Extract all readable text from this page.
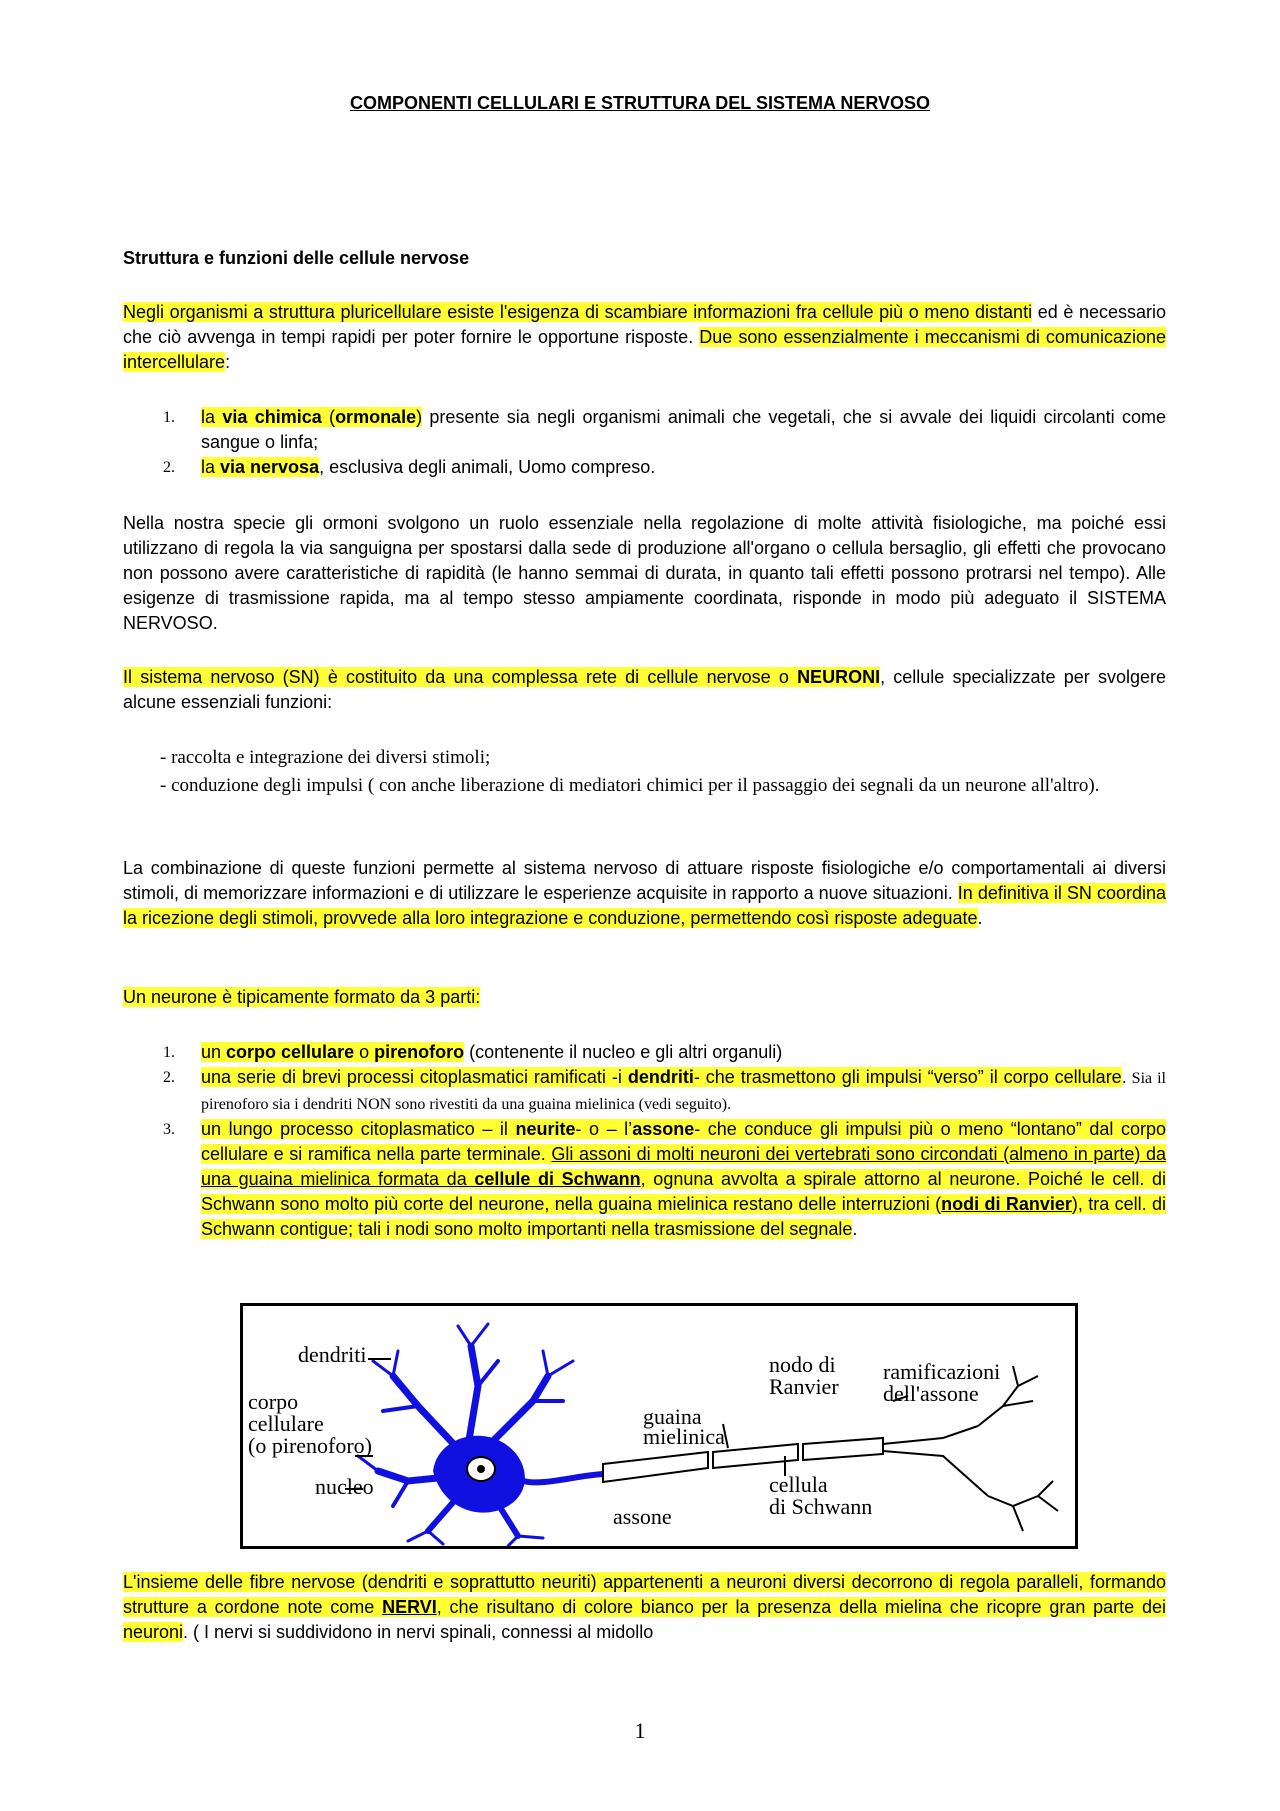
COMPONENTI CELLULARI E STRUTTURA DEL SISTEMA NERVOSO
Struttura e funzioni delle cellule nervose

Negli organismi a struttura pluricellulare esiste l'esigenza di scambiare informazioni fra cellule più o meno distanti ed è necessario che ciò avvenga in tempi rapidi per poter fornire le opportune risposte. Due sono essenzialmente i meccanismi di comunicazione intercellulare:

1. la via chimica (ormonale) presente sia negli organismi animali che vegetali, che si avvale dei liquidi circolanti come sangue o linfa;
2. la via nervosa, esclusiva degli animali, Uomo compreso.

Nella nostra specie gli ormoni svolgono un ruolo essenziale nella regolazione di molte attività fisiologiche, ma poiché essi utilizzano di regola la via sanguigna per spostarsi dalla sede di produzione all'organo o cellula bersaglio, gli effetti che provocano non possono avere caratteristiche di rapidità (le hanno semmai di durata, in quanto tali effetti possono protrarsi nel tempo). Alle esigenze di trasmissione rapida, ma al tempo stesso ampiamente coordinata, risponde in modo più adeguato il SISTEMA NERVOSO.

Il sistema nervoso (SN) è costituito da una complessa rete di cellule nervose o NEURONI, cellule specializzate per svolgere alcune essenziali funzioni:

- raccolta e integrazione dei diversi stimoli;
- conduzione degli impulsi ( con anche liberazione di mediatori chimici per il passaggio dei segnali da un neurone all'altro).

La combinazione di queste funzioni permette al sistema nervoso di attuare risposte fisiologiche e/o comportamentali ai diversi stimoli, di memorizzare informazioni e di utilizzare le esperienze acquisite in rapporto a nuove situazioni. In definitiva il SN coordina la ricezione degli stimoli, provvede alla loro integrazione e conduzione, permettendo così risposte adeguate.

Un neurone è tipicamente formato da 3 parti:

1. un corpo cellulare o pirenoforo (contenente il nucleo e gli altri organuli)
2. una serie di brevi processi citoplasmatici ramificati -i dendriti- che trasmettono gli impulsi “verso” il corpo cellulare. Sia il pirenoforo sia i dendriti NON sono rivestiti da una guaina mielinica (vedi seguito).
3. un lungo processo citoplasmatico – il neurite- o – l’assone- che conduce gli impulsi più o meno “lontano” dal corpo cellulare e si ramifica nella parte terminale. Gli assoni di molti neuroni dei vertebrati sono circondati (almeno in parte) da una guaina mielinica formata da cellule di Schwann, ognuna avvolta a spirale attorno al neurone. Poiché le cell. di Schwann sono molto più corte del neurone, nella guaina mielinica restano delle interruzioni (nodi di Ranvier), tra cell. di Schwann contigue; tali i nodi sono molto importanti nella trasmissione del segnale.
dendriti
corpo
cellulare
(o pirenoforo)
nucleo
guaina
mielinica
assone
nodo di
Ranvier
cellula
di Schwann
ramificazioni
dell'assone

L'insieme delle fibre nervose (dendriti e soprattutto neuriti) appartenenti a neuroni diversi decorrono di regola paralleli, formando strutture a cordone note come NERVI, che risultano di colore bianco per la presenza della mielina che ricopre gran parte dei neuroni. ( I nervi si suddividono in nervi spinali, connessi al midollo

1
